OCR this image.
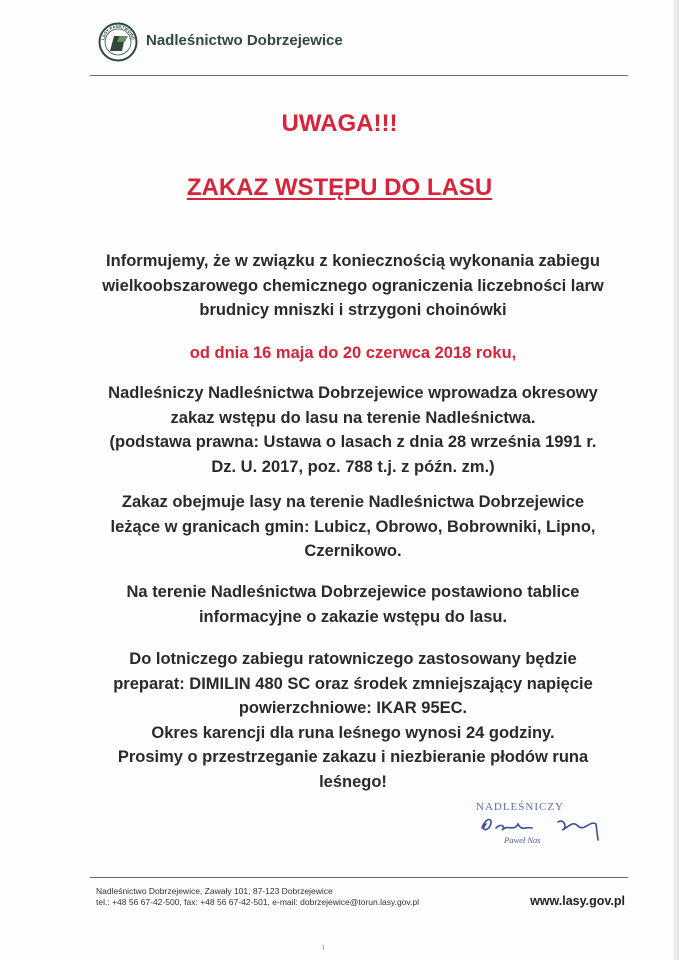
LASY PAŃSTWOWE Nadleśnictwo Dobrzejewice
UWAGA!!!
ZAKAZ WSTĘPU DO LASU
Informujemy, że w związku z koniecznością wykonania zabiegu
wielkoobszarowego chemicznego ograniczenia liczebności larw
brudnicy mniszki i strzygoni choinówki
od dnia 16 maja do 20 czerwca 2018 roku,
Nadleśniczy Nadleśnictwa Dobrzejewice wprowadza okresowy
zakaz wstępu do lasu na terenie Nadleśnictwa.
(podstawa prawna: Ustawa o lasach z dnia 28 września 1991 r.
Dz. U. 2017, poz. 788 t.j. z późn. zm.)
Zakaz obejmuje lasy na terenie Nadleśnictwa Dobrzejewice
leżące w granicach gmin: Lubicz, Obrowo, Bobrowniki, Lipno,
Czernikowo.
Na terenie Nadleśnictwa Dobrzejewice postawiono tablice
informacyjne o zakazie wstępu do lasu.
Do lotniczego zabiegu ratowniczego zastosowany będzie
preparat: DIMILIN 480 SC oraz środek zmniejszający napięcie
powierzchniowe: IKAR 95EC.
Okres karencji dla runa leśnego wynosi 24 godziny.
Prosimy o przestrzeganie zakazu i niezbieranie płodów runa
leśnego!
NADLEŚNICZY
Paweł Nas
Nadleśnictwo Dobrzejewice, Zawały 101, 87-123 Dobrzejewice
tel.: +48 56 67-42-500, fax: +48 56 67-42-501, e-mail: dobrzejewice@torun.lasy.gov.pl	www.lasy.gov.pl
ı
